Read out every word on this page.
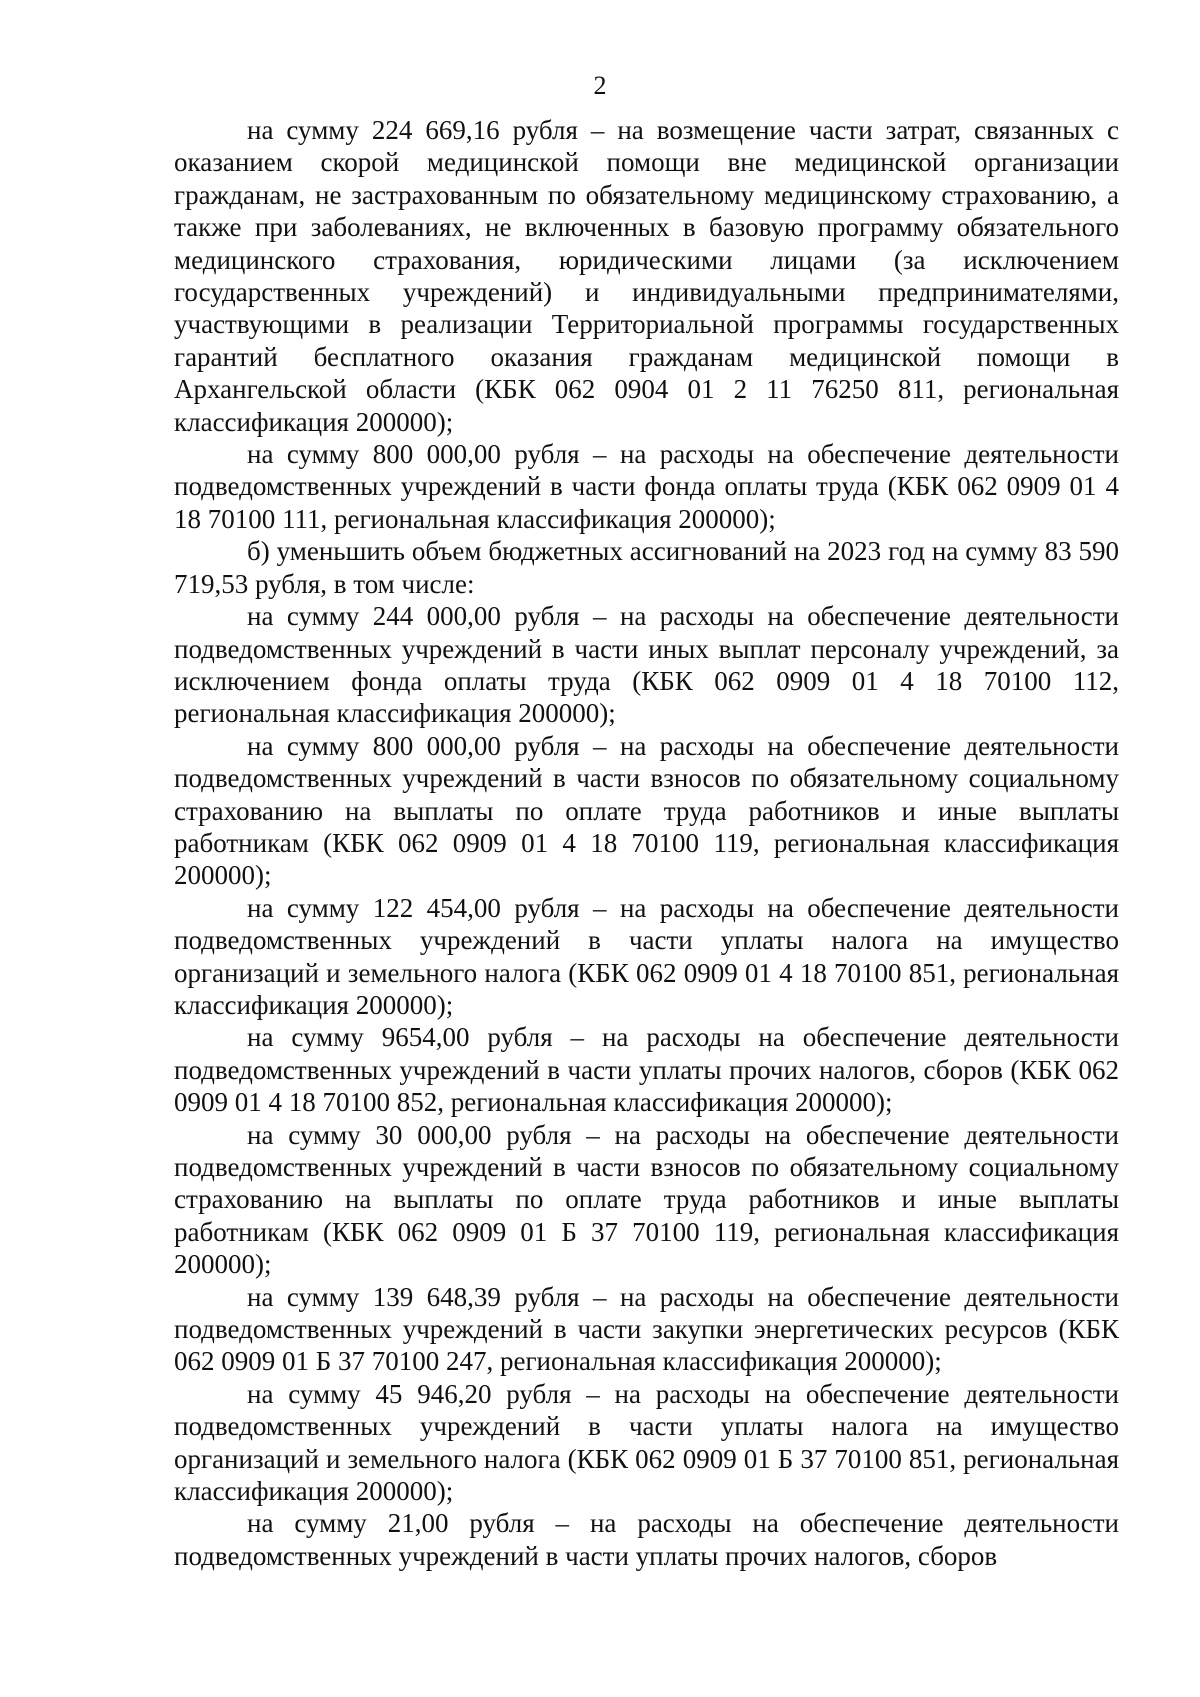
2

на сумму 224 669,16 рубля – на возмещение части затрат, связанных с оказанием скорой медицинской помощи вне медицинской организации гражданам, не застрахованным по обязательному медицинскому страхованию, а также при заболеваниях, не включенных в базовую программу обязательного медицинского страхования, юридическими лицами (за исключением государственных учреждений) и индивидуальными предпринимателями, участвующими в реализации Территориальной программы государственных гарантий бесплатного оказания гражданам медицинской помощи в Архангельской области (КБК 062 0904 01 2 11 76250 811, региональная классификация 200000);

на сумму 800 000,00 рубля – на расходы на обеспечение деятельности подведомственных учреждений в части фонда оплаты труда (КБК 062 0909 01 4 18 70100 111, региональная классификация 200000);

б) уменьшить объем бюджетных ассигнований на 2023 год на сумму 83 590 719,53 рубля, в том числе:

на сумму 244 000,00 рубля – на расходы на обеспечение деятельности подведомственных учреждений в части иных выплат персоналу учреждений, за исключением фонда оплаты труда (КБК 062 0909 01 4 18 70100 112, региональная классификация 200000);

на сумму 800 000,00 рубля – на расходы на обеспечение деятельности подведомственных учреждений в части взносов по обязательному социальному страхованию на выплаты по оплате труда работников и иные выплаты работникам (КБК 062 0909 01 4 18 70100 119, региональная классификация 200000);

на сумму 122 454,00 рубля – на расходы на обеспечение деятельности подведомственных учреждений в части уплаты налога на имущество организаций и земельного налога (КБК 062 0909 01 4 18 70100 851, региональная классификация 200000);

на сумму 9654,00 рубля – на расходы на обеспечение деятельности подведомственных учреждений в части уплаты прочих налогов, сборов (КБК 062 0909 01 4 18 70100 852, региональная классификация 200000);

на сумму 30 000,00 рубля – на расходы на обеспечение деятельности подведомственных учреждений в части взносов по обязательному социальному страхованию на выплаты по оплате труда работников и иные выплаты работникам (КБК 062 0909 01 Б 37 70100 119, региональная классификация 200000);

на сумму 139 648,39 рубля – на расходы на обеспечение деятельности подведомственных учреждений в части закупки энергетических ресурсов (КБК 062 0909 01 Б 37 70100 247, региональная классификация 200000);

на сумму 45 946,20 рубля – на расходы на обеспечение деятельности подведомственных учреждений в части уплаты налога на имущество организаций и земельного налога (КБК 062 0909 01 Б 37 70100 851, региональная классификация 200000);

на сумму 21,00 рубля – на расходы на обеспечение деятельности подведомственных учреждений в части уплаты прочих налогов, сборов
